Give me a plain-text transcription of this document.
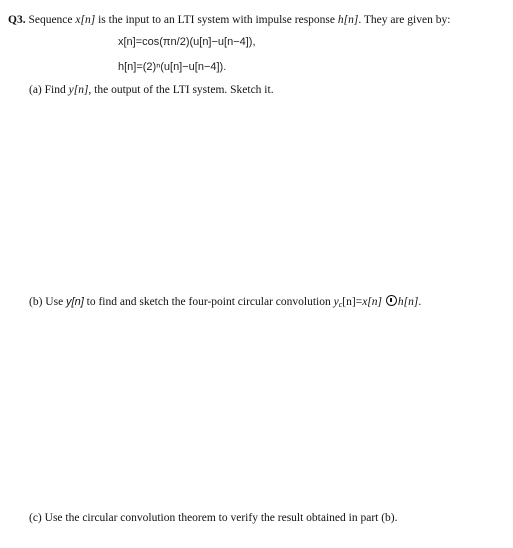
Q3. Sequence x[n] is the input to an LTI system with impulse response h[n]. They are given by:
x[n]=cos(πn/2)(u[n]−u[n−4]),
h[n]=(2)ⁿ(u[n]−u[n−4]).
(a) Find y[n], the output of the LTI system. Sketch it.
(b) Use y[n] to find and sketch the four-point circular convolution $y_c[n]=x[n]$ h[n].
(c) Use the circular convolution theorem to verify the result obtained in part (b).
